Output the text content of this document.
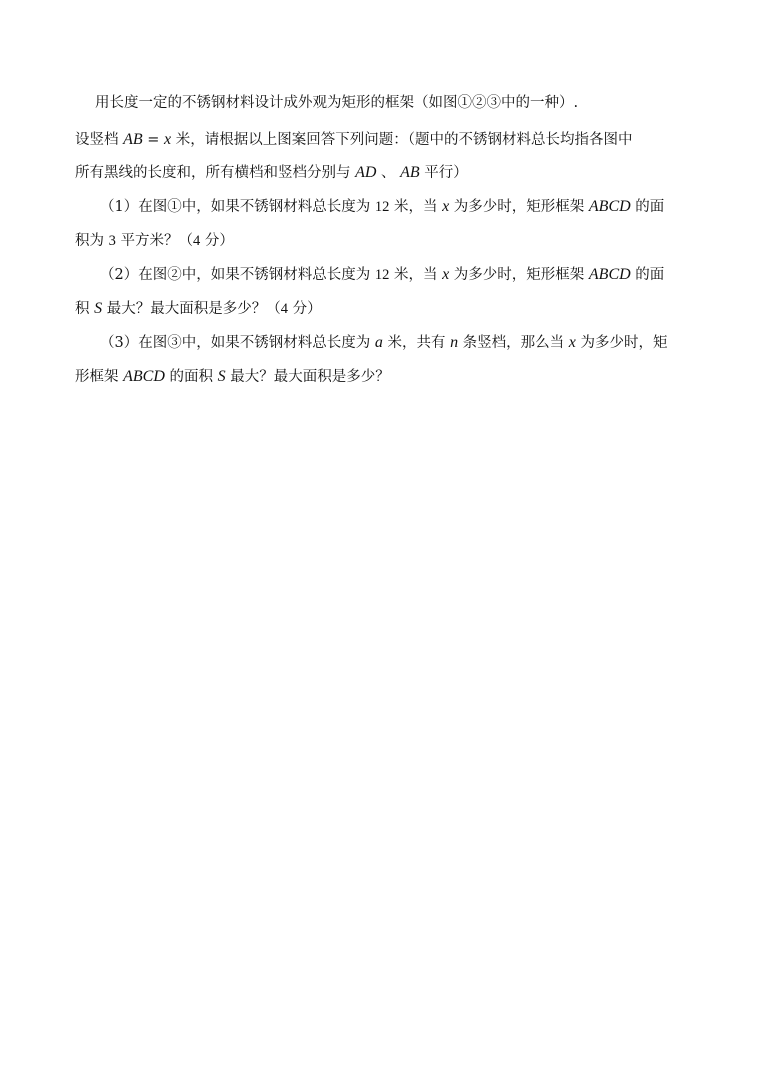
用长度一定的不锈钢材料设计成外观为矩形的框架（如图①②③中的一种）.
设竖档 AB = x 米，请根据以上图案回答下列问题：（题中的不锈钢材料总长均指各图中
所有黑线的长度和，所有横档和竖档分别与 AD 、 AB 平行）
（1）在图①中，如果不锈钢材料总长度为 12 米，当 x 为多少时，矩形框架 ABCD 的面
积为 3 平方米？（4 分）
（2）在图②中，如果不锈钢材料总长度为 12 米，当 x 为多少时，矩形框架 ABCD 的面
积 S 最大？最大面积是多少？（4 分）
（3）在图③中，如果不锈钢材料总长度为 a 米，共有 n 条竖档，那么当 x 为多少时，矩
形框架 ABCD 的面积 S 最大？最大面积是多少？
